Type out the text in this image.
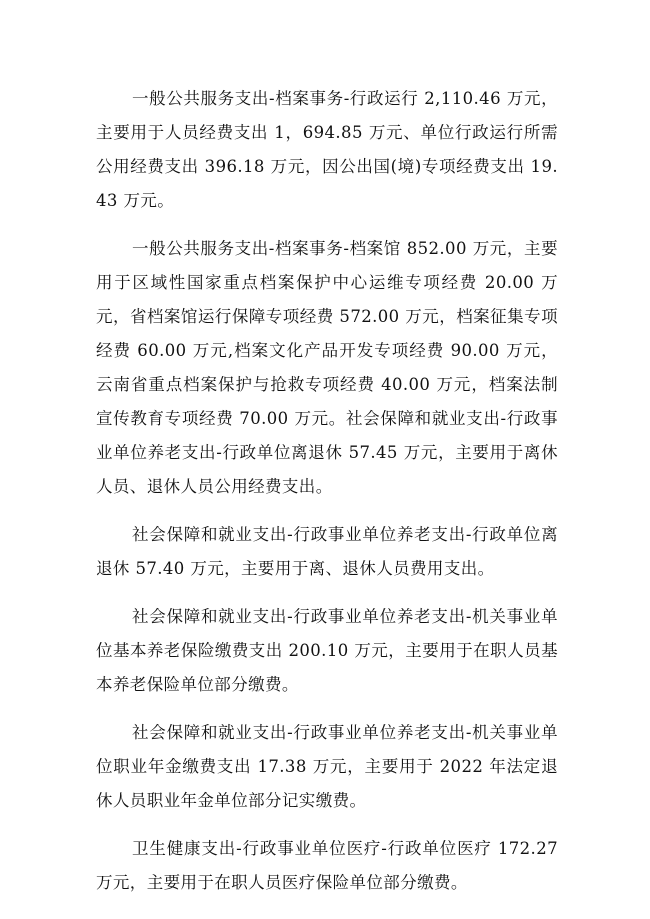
一般公共服务支出-档案事务-行政运行 2,110.46 万元，主要用于人员经费支出 1，694.85 万元、单位行政运行所需公用经费支出 396.18 万元，因公出国(境)专项经费支出 19.43 万元。

一般公共服务支出-档案事务-档案馆 852.00 万元，主要用于区域性国家重点档案保护中心运维专项经费 20.00 万元，省档案馆运行保障专项经费 572.00 万元，档案征集专项经费 60.00 万元,档案文化产品开发专项经费 90.00 万元，云南省重点档案保护与抢救专项经费 40.00 万元，档案法制宣传教育专项经费 70.00 万元。社会保障和就业支出-行政事业单位养老支出-行政单位离退休 57.45 万元，主要用于离休人员、退休人员公用经费支出。

社会保障和就业支出-行政事业单位养老支出-行政单位离退休 57.40 万元，主要用于离、退休人员费用支出。

社会保障和就业支出-行政事业单位养老支出-机关事业单位基本养老保险缴费支出 200.10 万元，主要用于在职人员基本养老保险单位部分缴费。

社会保障和就业支出-行政事业单位养老支出-机关事业单位职业年金缴费支出 17.38 万元，主要用于 2022 年法定退休人员职业年金单位部分记实缴费。

卫生健康支出-行政事业单位医疗-行政单位医疗 172.27 万元，主要用于在职人员医疗保险单位部分缴费。
